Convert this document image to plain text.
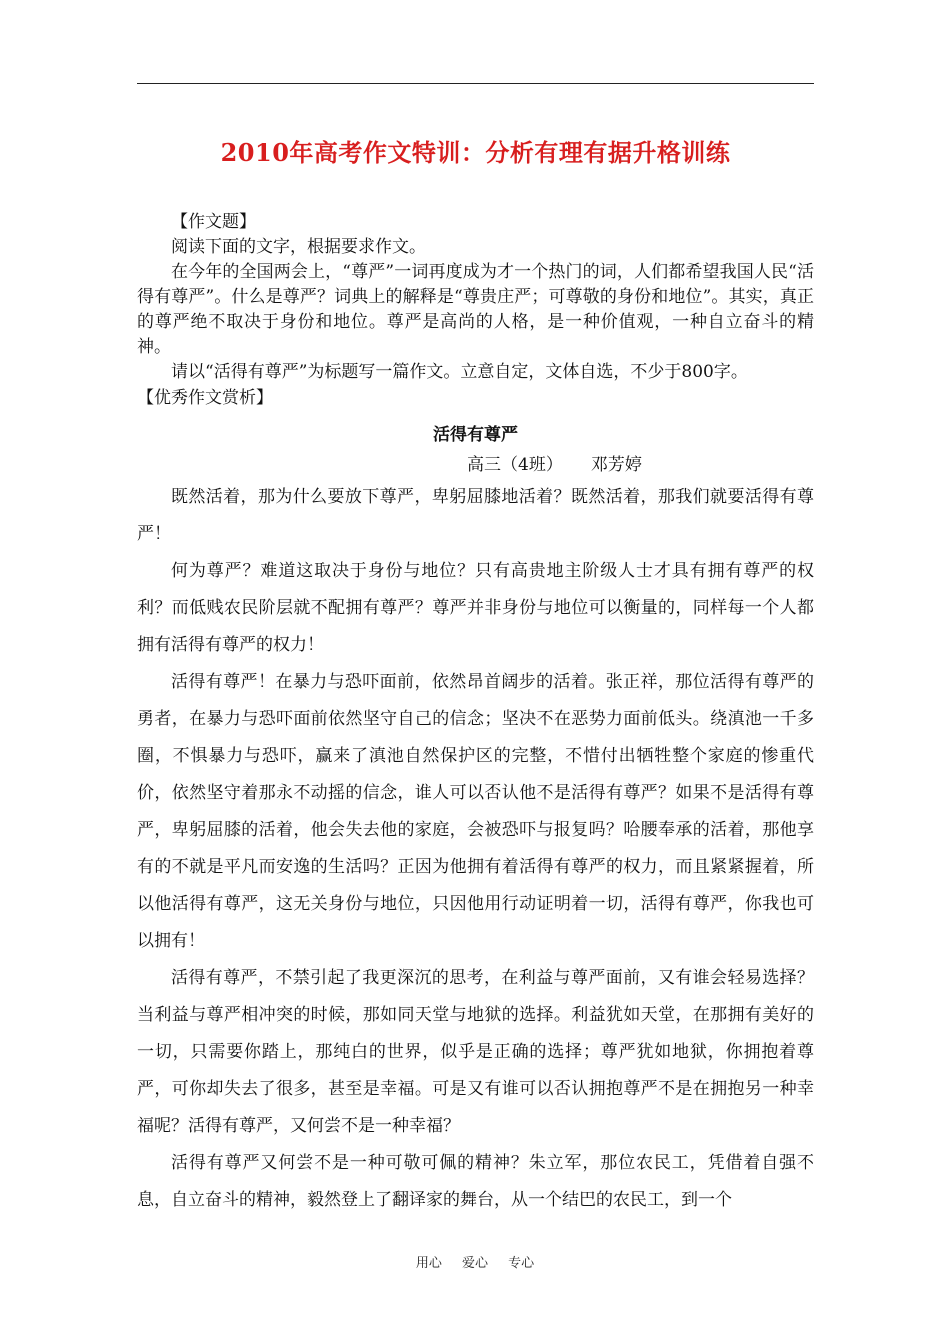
2010年高考作文特训：分析有理有据升格训练

【作文题】

阅读下面的文字，根据要求作文。

在今年的全国两会上，“尊严”一词再度成为才一个热门的词，人们都希望我国人民“活得有尊严”。什么是尊严？词典上的解释是“尊贵庄严；可尊敬的身份和地位”。其实，真正的尊严绝不取决于身份和地位。尊严是高尚的人格，是一种价值观，一种自立奋斗的精神。

请以“活得有尊严”为标题写一篇作文。立意自定，文体自选，不少于800字。

【优秀作文赏析】

活得有尊严

高三（4班） 邓芳婷

既然活着，那为什么要放下尊严，卑躬屈膝地活着？既然活着，那我们就要活得有尊严！

何为尊严？难道这取决于身份与地位？只有高贵地主阶级人士才具有拥有尊严的权利？而低贱农民阶层就不配拥有尊严？尊严并非身份与地位可以衡量的，同样每一个人都拥有活得有尊严的权力！

活得有尊严！在暴力与恐吓面前，依然昂首阔步的活着。张正祥，那位活得有尊严的勇者，在暴力与恐吓面前依然坚守自己的信念；坚决不在恶势力面前低头。绕滇池一千多圈，不惧暴力与恐吓，赢来了滇池自然保护区的完整，不惜付出牺牲整个家庭的惨重代价，依然坚守着那永不动摇的信念，谁人可以否认他不是活得有尊严？如果不是活得有尊严，卑躬屈膝的活着，他会失去他的家庭，会被恐吓与报复吗？哈腰奉承的活着，那他享有的不就是平凡而安逸的生活吗？正因为他拥有着活得有尊严的权力，而且紧紧握着，所以他活得有尊严，这无关身份与地位，只因他用行动证明着一切，活得有尊严，你我也可以拥有！

活得有尊严，不禁引起了我更深沉的思考，在利益与尊严面前，又有谁会轻易选择？当利益与尊严相冲突的时候，那如同天堂与地狱的选择。利益犹如天堂，在那拥有美好的一切，只需要你踏上，那纯白的世界，似乎是正确的选择；尊严犹如地狱，你拥抱着尊严，可你却失去了很多，甚至是幸福。可是又有谁可以否认拥抱尊严不是在拥抱另一种幸福呢？活得有尊严，又何尝不是一种幸福？

活得有尊严又何尝不是一种可敬可佩的精神？朱立军，那位农民工，凭借着自强不息，自立奋斗的精神，毅然登上了翻译家的舞台，从一个结巴的农民工，到一个

用心 爱心 专心
